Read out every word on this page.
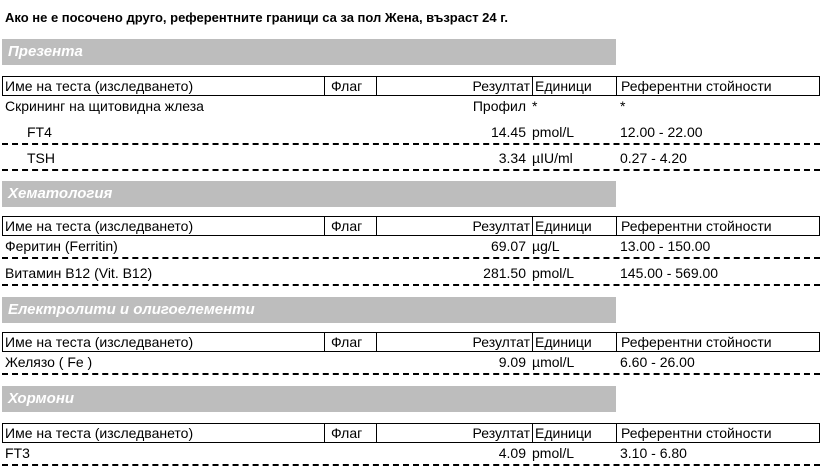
Ако не е посочено друго, референтните граници са за пол Жена, възраст 24 г.
Презента
Име на теста (изследването)	Флаг	Резултат Единици	Референтни стойности
Скрининг на щитовидна жлеза	Профил *	*
FT4	14.45 pmol/L	12.00 - 22.00
TSH	3.34 µIU/ml	0.27 - 4.20
Хематология
Име на теста (изследването)	Флаг	Резултат Единици	Референтни стойности
Феритин (Ferritin)	69.07 µg/L	13.00 - 150.00
Витамин B12 (Vit. B12)	281.50 pmol/L	145.00 - 569.00
Електролити и олигоелементи
Име на теста (изследването)	Флаг	Резултат Единици	Референтни стойности
Желязо ( Fe )	9.09 µmol/L	6.60 - 26.00
Хормони
Име на теста (изследването)	Флаг	Резултат Единици	Референтни стойности
FT3	4.09 pmol/L	3.10 - 6.80
